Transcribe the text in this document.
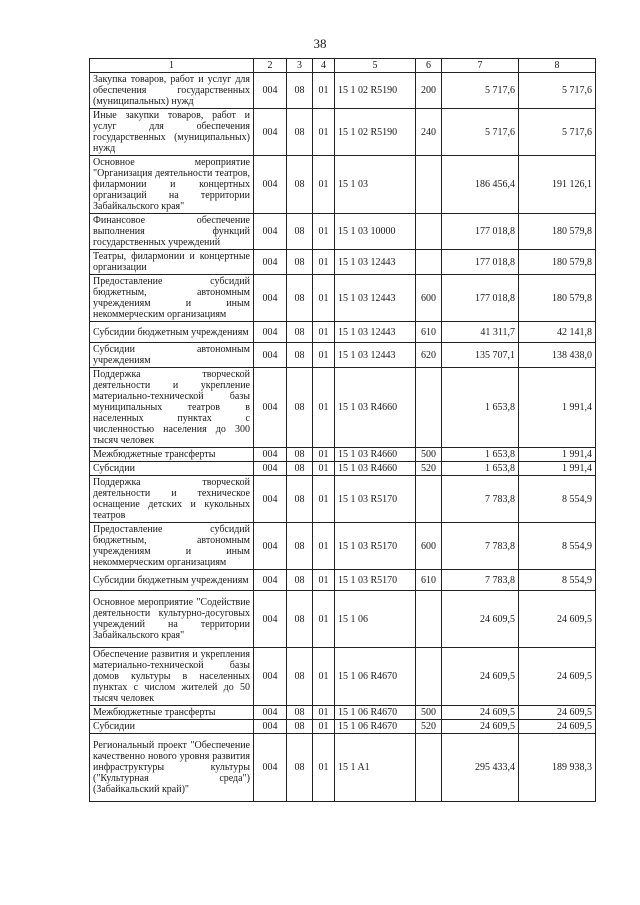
38
1	2	3	4	5	6	7	8
Закупка товаров, работ и услуг для обеспечения государственных (муниципальных) нужд	004	08	01	15 1 02 R5190	200	5 717,6	5 717,6
Иные закупки товаров, работ и услуг для обеспечения государственных (муниципальных) нужд	004	08	01	15 1 02 R5190	240	5 717,6	5 717,6
Основное мероприятие "Организация деятельности театров, филармонии и концертных организаций на территории Забайкальского края"	004	08	01	15 1 03		186 456,4	191 126,1
Финансовое обеспечение выполнения функций государственных учреждений	004	08	01	15 1 03 10000		177 018,8	180 579,8
Театры, филармонии и концертные организации	004	08	01	15 1 03 12443		177 018,8	180 579,8
Предоставление субсидий бюджетным, автономным учреждениям и иным некоммерческим организациям	004	08	01	15 1 03 12443	600	177 018,8	180 579,8
Субсидии бюджетным учреждениям	004	08	01	15 1 03 12443	610	41 311,7	42 141,8
Субсидии автономным учреждениям	004	08	01	15 1 03 12443	620	135 707,1	138 438,0
Поддержка творческой деятельности и укрепление материально-технической базы муниципальных театров в населенных пунктах с численностью населения до 300 тысяч человек	004	08	01	15 1 03 R4660		1 653,8	1 991,4
Межбюджетные трансферты	004	08	01	15 1 03 R4660	500	1 653,8	1 991,4
Субсидии	004	08	01	15 1 03 R4660	520	1 653,8	1 991,4
Поддержка творческой деятельности и техническое оснащение детских и кукольных театров	004	08	01	15 1 03 R5170		7 783,8	8 554,9
Предоставление субсидий бюджетным, автономным учреждениям и иным некоммерческим организациям	004	08	01	15 1 03 R5170	600	7 783,8	8 554,9
Субсидии бюджетным учреждениям	004	08	01	15 1 03 R5170	610	7 783,8	8 554,9
Основное мероприятие "Содействие деятельности культурно-досуговых учреждений на территории Забайкальского края"	004	08	01	15 1 06		24 609,5	24 609,5
Обеспечение развития и укрепления материально-технической базы домов культуры в населенных пунктах с числом жителей до 50 тысяч человек	004	08	01	15 1 06 R4670		24 609,5	24 609,5
Межбюджетные трансферты	004	08	01	15 1 06 R4670	500	24 609,5	24 609,5
Субсидии	004	08	01	15 1 06 R4670	520	24 609,5	24 609,5
Региональный проект "Обеспечение качественно нового уровня развития инфраструктуры культуры ("Культурная среда") (Забайкальский край)"	004	08	01	15 1 A1		295 433,4	189 938,3
